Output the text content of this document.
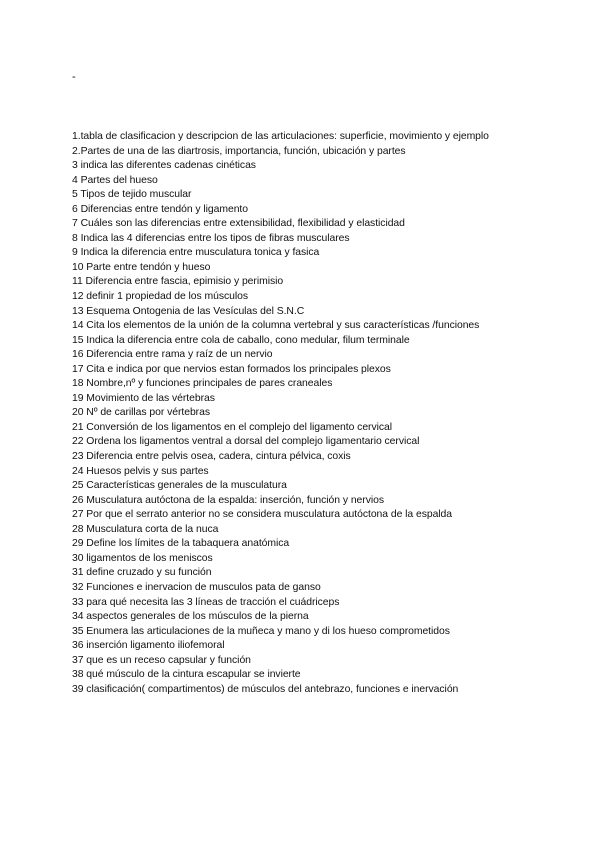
-
1.tabla de clasificacion y descripcion de las articulaciones: superficie, movimiento y ejemplo
2.Partes de una de las diartrosis, importancia, función, ubicación y partes
3 indica las diferentes cadenas cinéticas
4 Partes del hueso
5 Tipos de tejido muscular
6 Diferencias entre tendón y ligamento
7 Cuáles son las diferencias entre extensibilidad, flexibilidad y elasticidad
8 Indica las 4 diferencias entre los tipos de fibras musculares
9 Indica la diferencia entre musculatura tonica y fasica
10 Parte entre tendón y hueso
11 Diferencia entre fascia, epimisio y perimisio
12 definir 1 propiedad de los músculos
13 Esquema Ontogenia de las Vesículas del S.N.C
14 Cita los elementos de la unión de la columna vertebral y sus características /funciones
15 Indica la diferencia entre cola de caballo, cono medular, filum terminale
16 Diferencia entre rama y raíz de un nervio
17 Cita e indica por que nervios estan formados los principales plexos
18 Nombre,nº y funciones principales de pares craneales
19 Movimiento de las vértebras
20 Nº de carillas por vértebras
21 Conversión de los ligamentos en el complejo del ligamento cervical
22 Ordena los ligamentos ventral a dorsal del complejo ligamentario cervical
23 Diferencia entre pelvis osea, cadera, cintura pélvica, coxis
24 Huesos pelvis y sus partes
25 Características generales de la musculatura
26 Musculatura autóctona de la espalda: inserción, función y nervios
27 Por que el serrato anterior no se considera musculatura autóctona de la espalda
28 Musculatura corta de la nuca
29 Define los límites de la tabaquera anatómica
30 ligamentos de los meniscos
31 define cruzado y su función
32 Funciones e inervacion de musculos pata de ganso
33 para qué necesita las 3 líneas de tracción el cuádriceps
34 aspectos generales de los músculos de la pierna
35 Enumera las articulaciones de la muñeca y mano y di los hueso comprometidos
36 inserción ligamento iliofemoral
37 que es un receso capsular y función
38 qué músculo de la cintura escapular se invierte
39 clasificación( compartimentos) de músculos del antebrazo, funciones e inervación
